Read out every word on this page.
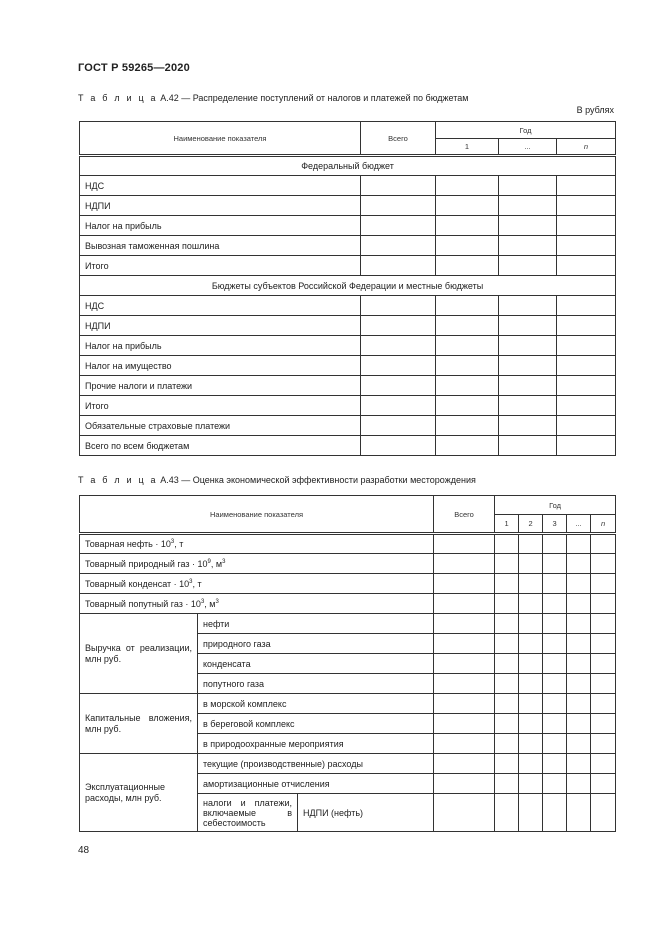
ГОСТ Р 59265—2020
Т а б л и ц а А.42 — Распределение поступлений от налогов и платежей по бюджетам
В рублях
Наименование показателя	Всего	Год		
		1	...	n
Федеральный бюджет				
НДС				
НДПИ				
Налог на прибыль				
Вывозная таможенная пошлина				
Итого				
Бюджеты субъектов Российской Федерации и местные бюджеты				
НДС				
НДПИ				
Налог на прибыль				
Налог на имущество				
Прочие налоги и платежи				
Итого				
Обязательные страховые платежи				
Всего по всем бюджетам				
Т а б л и ц а А.43 — Оценка экономической эффективности разработки месторождения
Наименование показателя			Всего	Год				
				1	2	3	...	n
Товарная нефть · $10^3$, т								
Товарный природный газ · $10^9$, $м^3$						
Товарный конденсат · $10^3$, т								
Товарный попутный газ · $10^3$, $м^3$						
Выручка от реализации, млн руб.	нефти							
	природного газа							
	конденсата							
	попутного газа							
Капитальные вложения, млн руб.	в морской комплекс							
	в береговой комплекс							
	в природоохранные мероприятия							
Эксплуатационные расходы, млн руб.	текущие (производственные) расходы							
	амортизационные отчисления							
	налоги и платежи, включаемые в себестоимость	НДПИ (нефть)						
48
